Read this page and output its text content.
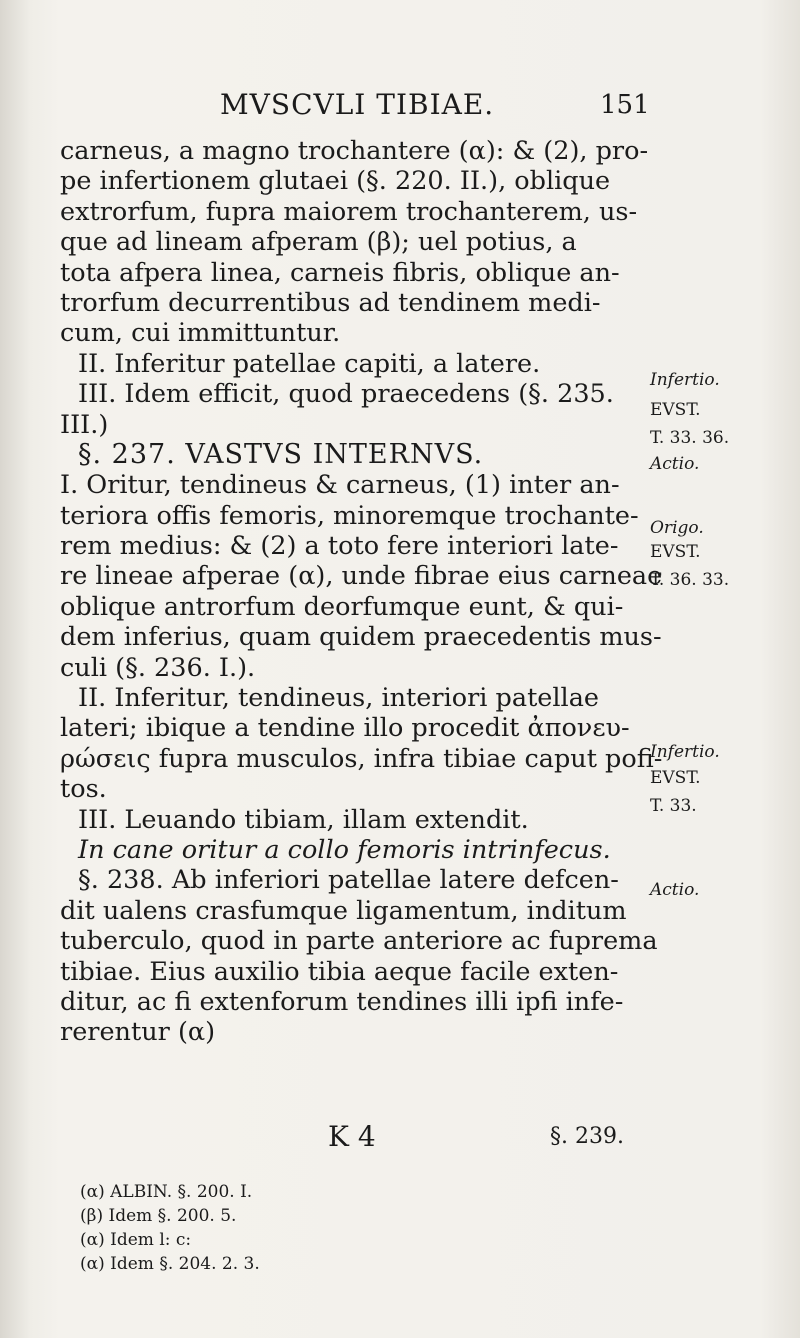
MVSCVLI TIBIAE.	151
carneus, a magno trochantere (α): & (2), pro-
pe infertionem glutaei (§. 220. II.), oblique
extrorfum, fupra maiorem trochanterem, us-
que ad lineam afperam (β); uel potius, a
tota afpera linea, carneis fibris, oblique an-
trorfum decurrentibus ad tendinem medi-
cum, cui immittuntur.
II. Inferitur patellae capiti, a latere.
III. Idem efficit, quod praecedens (§. 235.
III.)
§. 237. VASTVS INTERNVS.
I. Oritur, tendineus & carneus, (1) inter an-
teriora offis femoris, minoremque trochante-
rem medius: & (2) a toto fere interiori late-
re lineae afperae (α), unde fibrae eius carneae
oblique antrorfum deorfumque eunt, & qui-
dem inferius, quam quidem praecedentis mus-
culi (§. 236. I.).
II. Inferitur, tendineus, interiori patellae
lateri; ibique a tendine illo procedit ἀπονευ-
ρώσεις fupra musculos, infra tibiae caput pofi-
tos.
III. Leuando tibiam, illam extendit.
In cane oritur a collo femoris intrinfecus.
§. 238. Ab inferiori patellae latere defcen-
dit ualens crasfumque ligamentum, inditum
tuberculo, quod in parte anteriore ac fuprema
tibiae. Eius auxilio tibia aeque facile exten-
ditur, ac fi extenforum tendines illi ipfi infe-
rerentur (α)
Infertio.
EVST.
T. 33. 36.
Actio.
Origo.
EVST.
T. 36. 33.
Infertio.
EVST.
T. 33.
Actio.
K 4	§. 239.
(α) ALBIN. §. 200. I.
(β) Idem §. 200. 5.
(α) Idem l: c:
(α) Idem §. 204. 2. 3.
